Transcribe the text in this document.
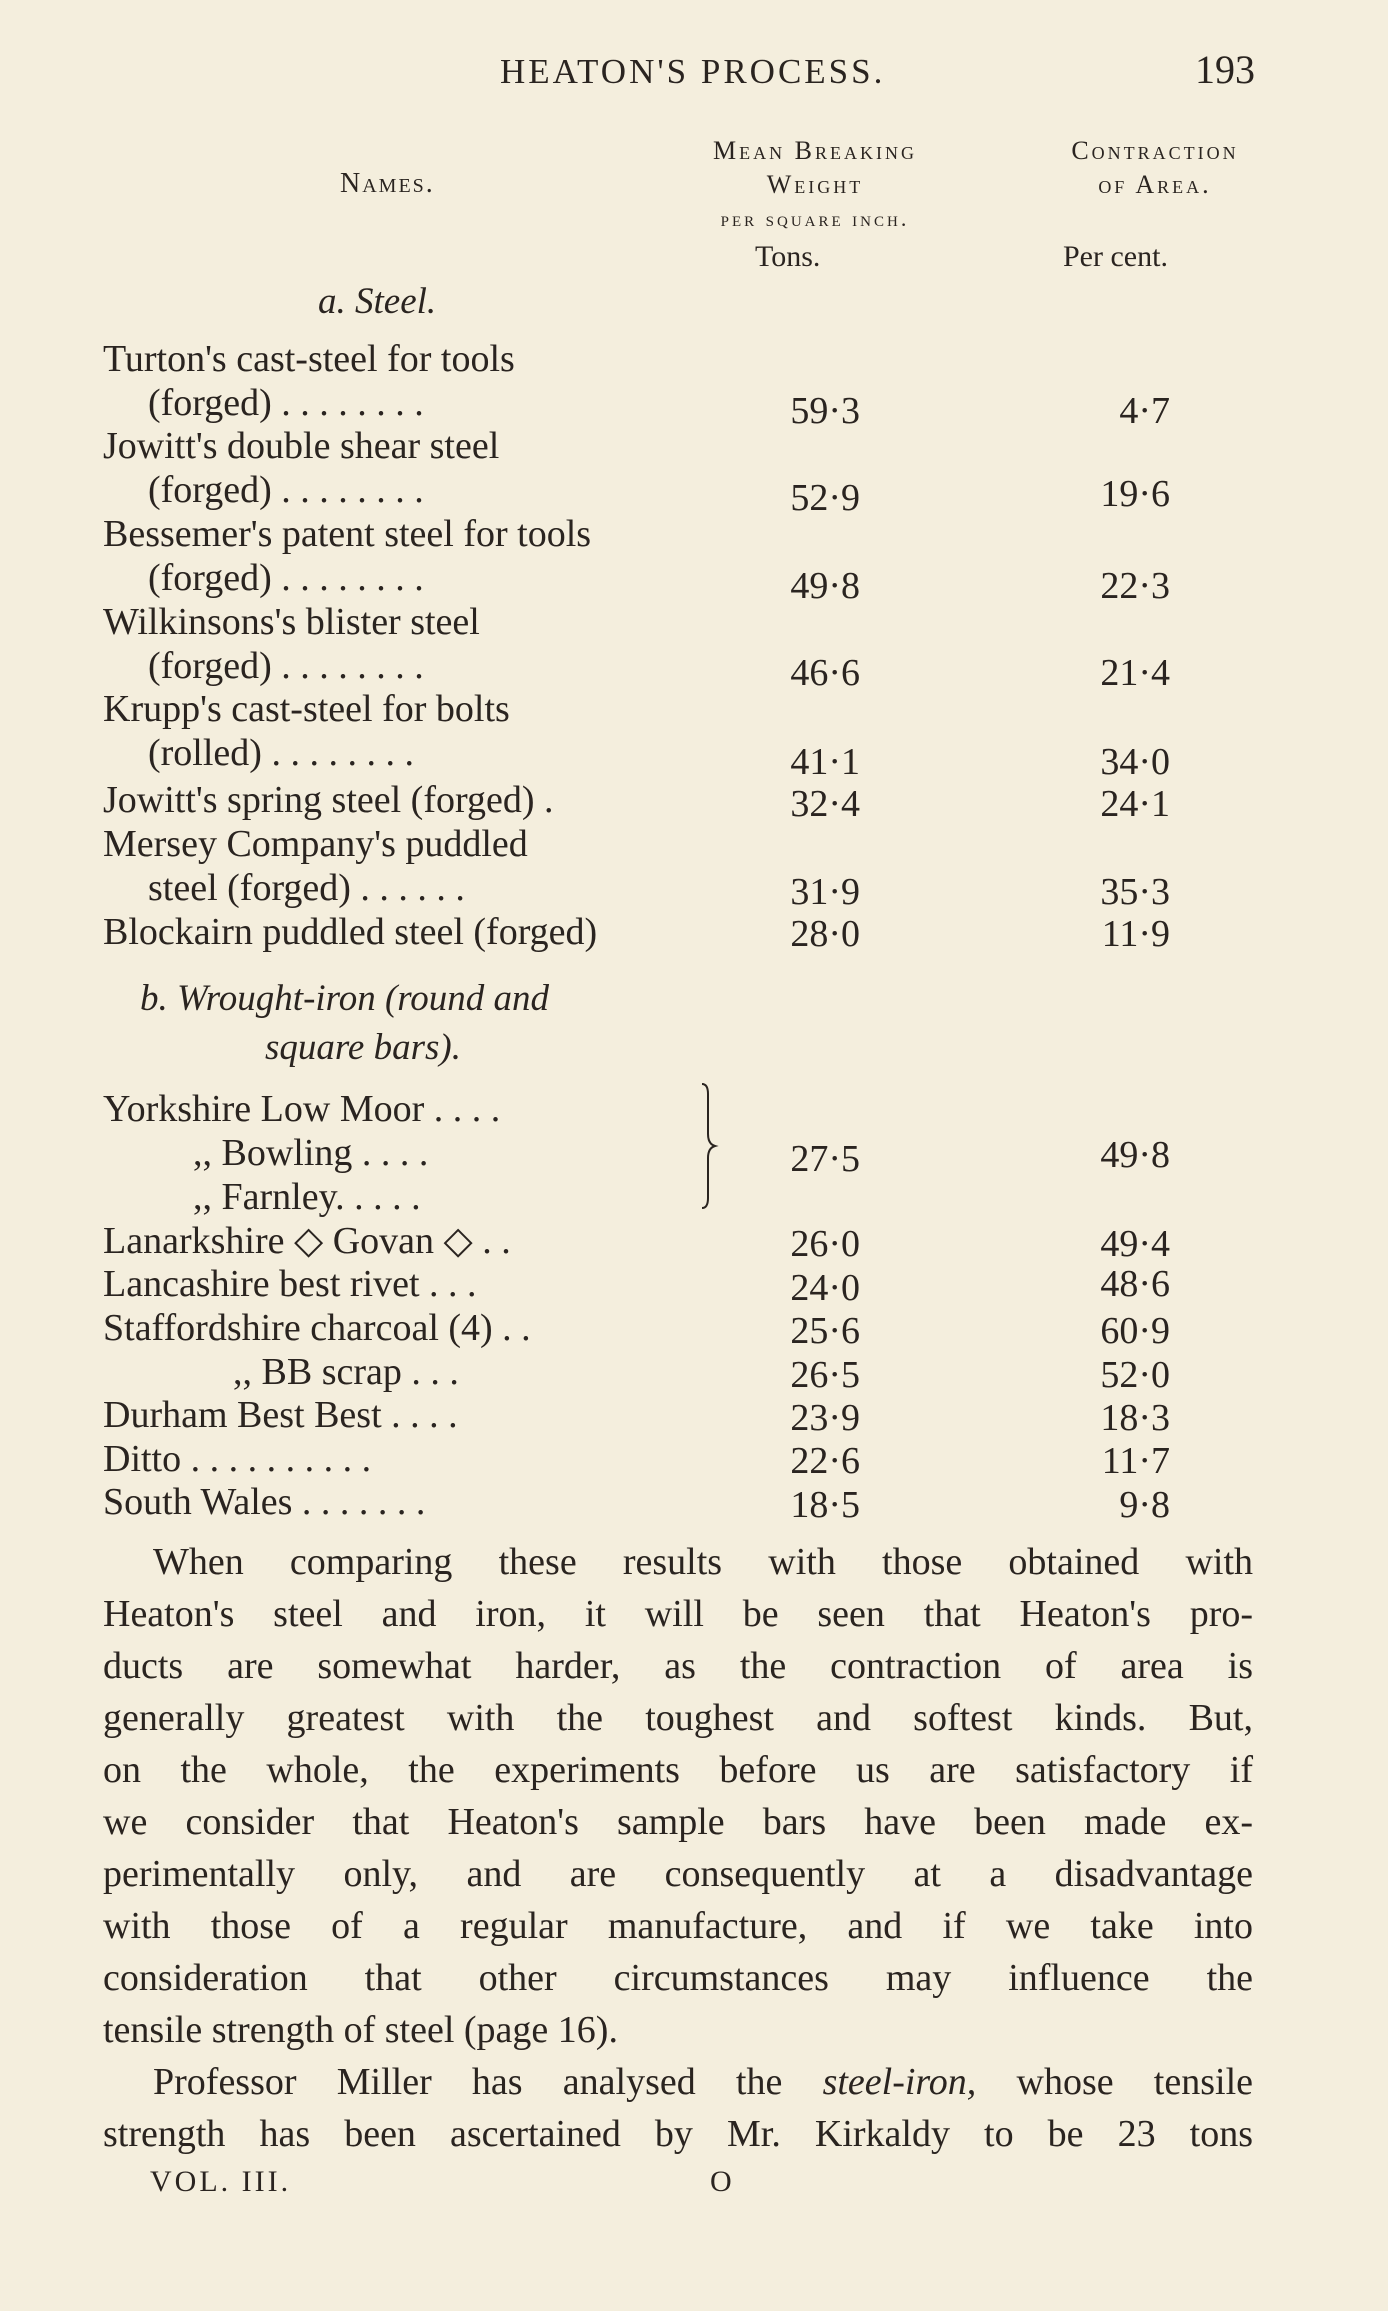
HEATON'S PROCESS.	193
Names.
Mean Breaking
Weight
per square inch.
Contraction
of Area.
Tons.	Per cent.
a. Steel.
Turton's cast-steel for tools
(forged) . . . . . . . .	59·3	4·7
Jowitt's double shear steel
(forged) . . . . . . . .	52·9	19·6
Bessemer's patent steel for tools
(forged) . . . . . . . .	49·8	22·3
Wilkinsons's blister steel
(forged) . . . . . . . .	46·6	21·4
Krupp's cast-steel for bolts
(rolled) . . . . . . . .	41·1	34·0
Jowitt's spring steel (forged) .	32·4	24·1
Mersey Company's puddled
steel (forged) . . . . . .	31·9	35·3
Blockairn puddled steel (forged)	28·0	11·9
b. Wrought-iron (round and
square bars).
Yorkshire Low Moor . . . .
,, Bowling . . . .
,, Farnley. . . . .
27·5	49·8
Lanarkshire ◇ Govan ◇ . .	26·0	49·4
Lancashire best rivet . . .	24·0	48·6
Staffordshire charcoal (4) . .	25·6	60·9
,, BB scrap . . .	26·5	52·0
Durham Best Best . . . .	23·9	18·3
Ditto . . . . . . . . . .	22·6	11·7
South Wales . . . . . . .	18·5	9·8
When comparing these results with those obtained with
Heaton's steel and iron, it will be seen that Heaton's pro-
ducts are somewhat harder, as the contraction of area is
generally greatest with the toughest and softest kinds. But,
on the whole, the experiments before us are satisfactory if
we consider that Heaton's sample bars have been made ex-
perimentally only, and are consequently at a disadvantage
with those of a regular manufacture, and if we take into
consideration that other circumstances may influence the
tensile strength of steel (page 16).
Professor Miller has analysed the steel-iron, whose tensile
strength has been ascertained by Mr. Kirkaldy to be 23 tons
VOL. III.	O
